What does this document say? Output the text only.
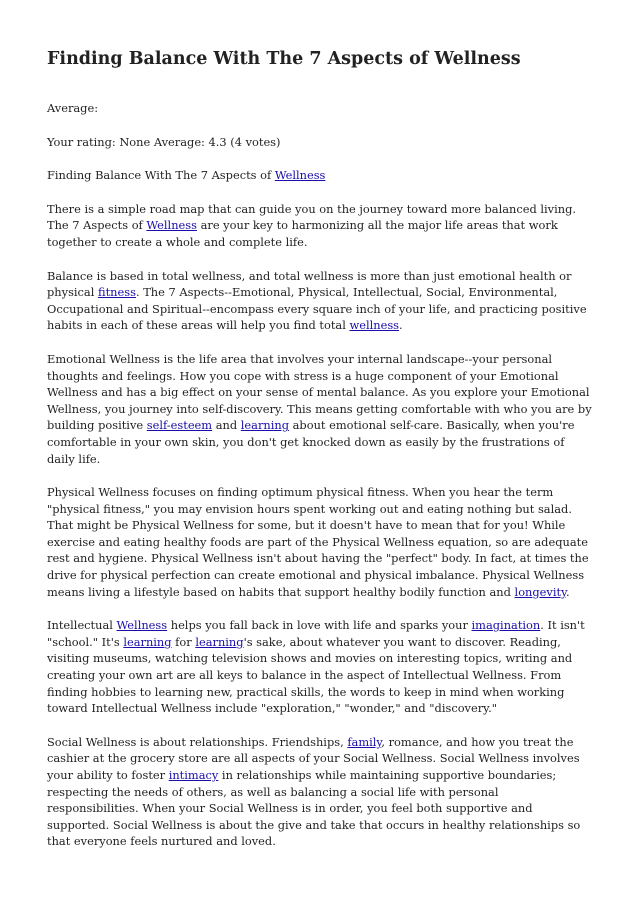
Finding Balance With The 7 Aspects of Wellness

Average:

Your rating: None Average: 4.3 (4 votes)

Finding Balance With The 7 Aspects of Wellness

There is a simple road map that can guide you on the journey toward more balanced living. The 7 Aspects of Wellness are your key to harmonizing all the major life areas that work together to create a whole and complete life.

Balance is based in total wellness, and total wellness is more than just emotional health or physical fitness. The 7 Aspects--Emotional, Physical, Intellectual, Social, Environmental, Occupational and Spiritual--encompass every square inch of your life, and practicing positive habits in each of these areas will help you find total wellness.

Emotional Wellness is the life area that involves your internal landscape--your personal thoughts and feelings. How you cope with stress is a huge component of your Emotional Wellness and has a big effect on your sense of mental balance. As you explore your Emotional Wellness, you journey into self-discovery. This means getting comfortable with who you are by building positive self-esteem and learning about emotional self-care. Basically, when you're comfortable in your own skin, you don't get knocked down as easily by the frustrations of daily life.

Physical Wellness focuses on finding optimum physical fitness. When you hear the term "physical fitness," you may envision hours spent working out and eating nothing but salad. That might be Physical Wellness for some, but it doesn't have to mean that for you! While exercise and eating healthy foods are part of the Physical Wellness equation, so are adequate rest and hygiene. Physical Wellness isn't about having the "perfect" body. In fact, at times the drive for physical perfection can create emotional and physical imbalance. Physical Wellness means living a lifestyle based on habits that support healthy bodily function and longevity.

Intellectual Wellness helps you fall back in love with life and sparks your imagination. It isn't "school." It's learning for learning's sake, about whatever you want to discover. Reading, visiting museums, watching television shows and movies on interesting topics, writing and creating your own art are all keys to balance in the aspect of Intellectual Wellness. From finding hobbies to learning new, practical skills, the words to keep in mind when working toward Intellectual Wellness include "exploration," "wonder," and "discovery."

Social Wellness is about relationships. Friendships, family, romance, and how you treat the cashier at the grocery store are all aspects of your Social Wellness. Social Wellness involves your ability to foster intimacy in relationships while maintaining supportive boundaries; respecting the needs of others, as well as balancing a social life with personal responsibilities. When your Social Wellness is in order, you feel both supportive and supported. Social Wellness is about the give and take that occurs in healthy relationships so that everyone feels nurtured and loved.
